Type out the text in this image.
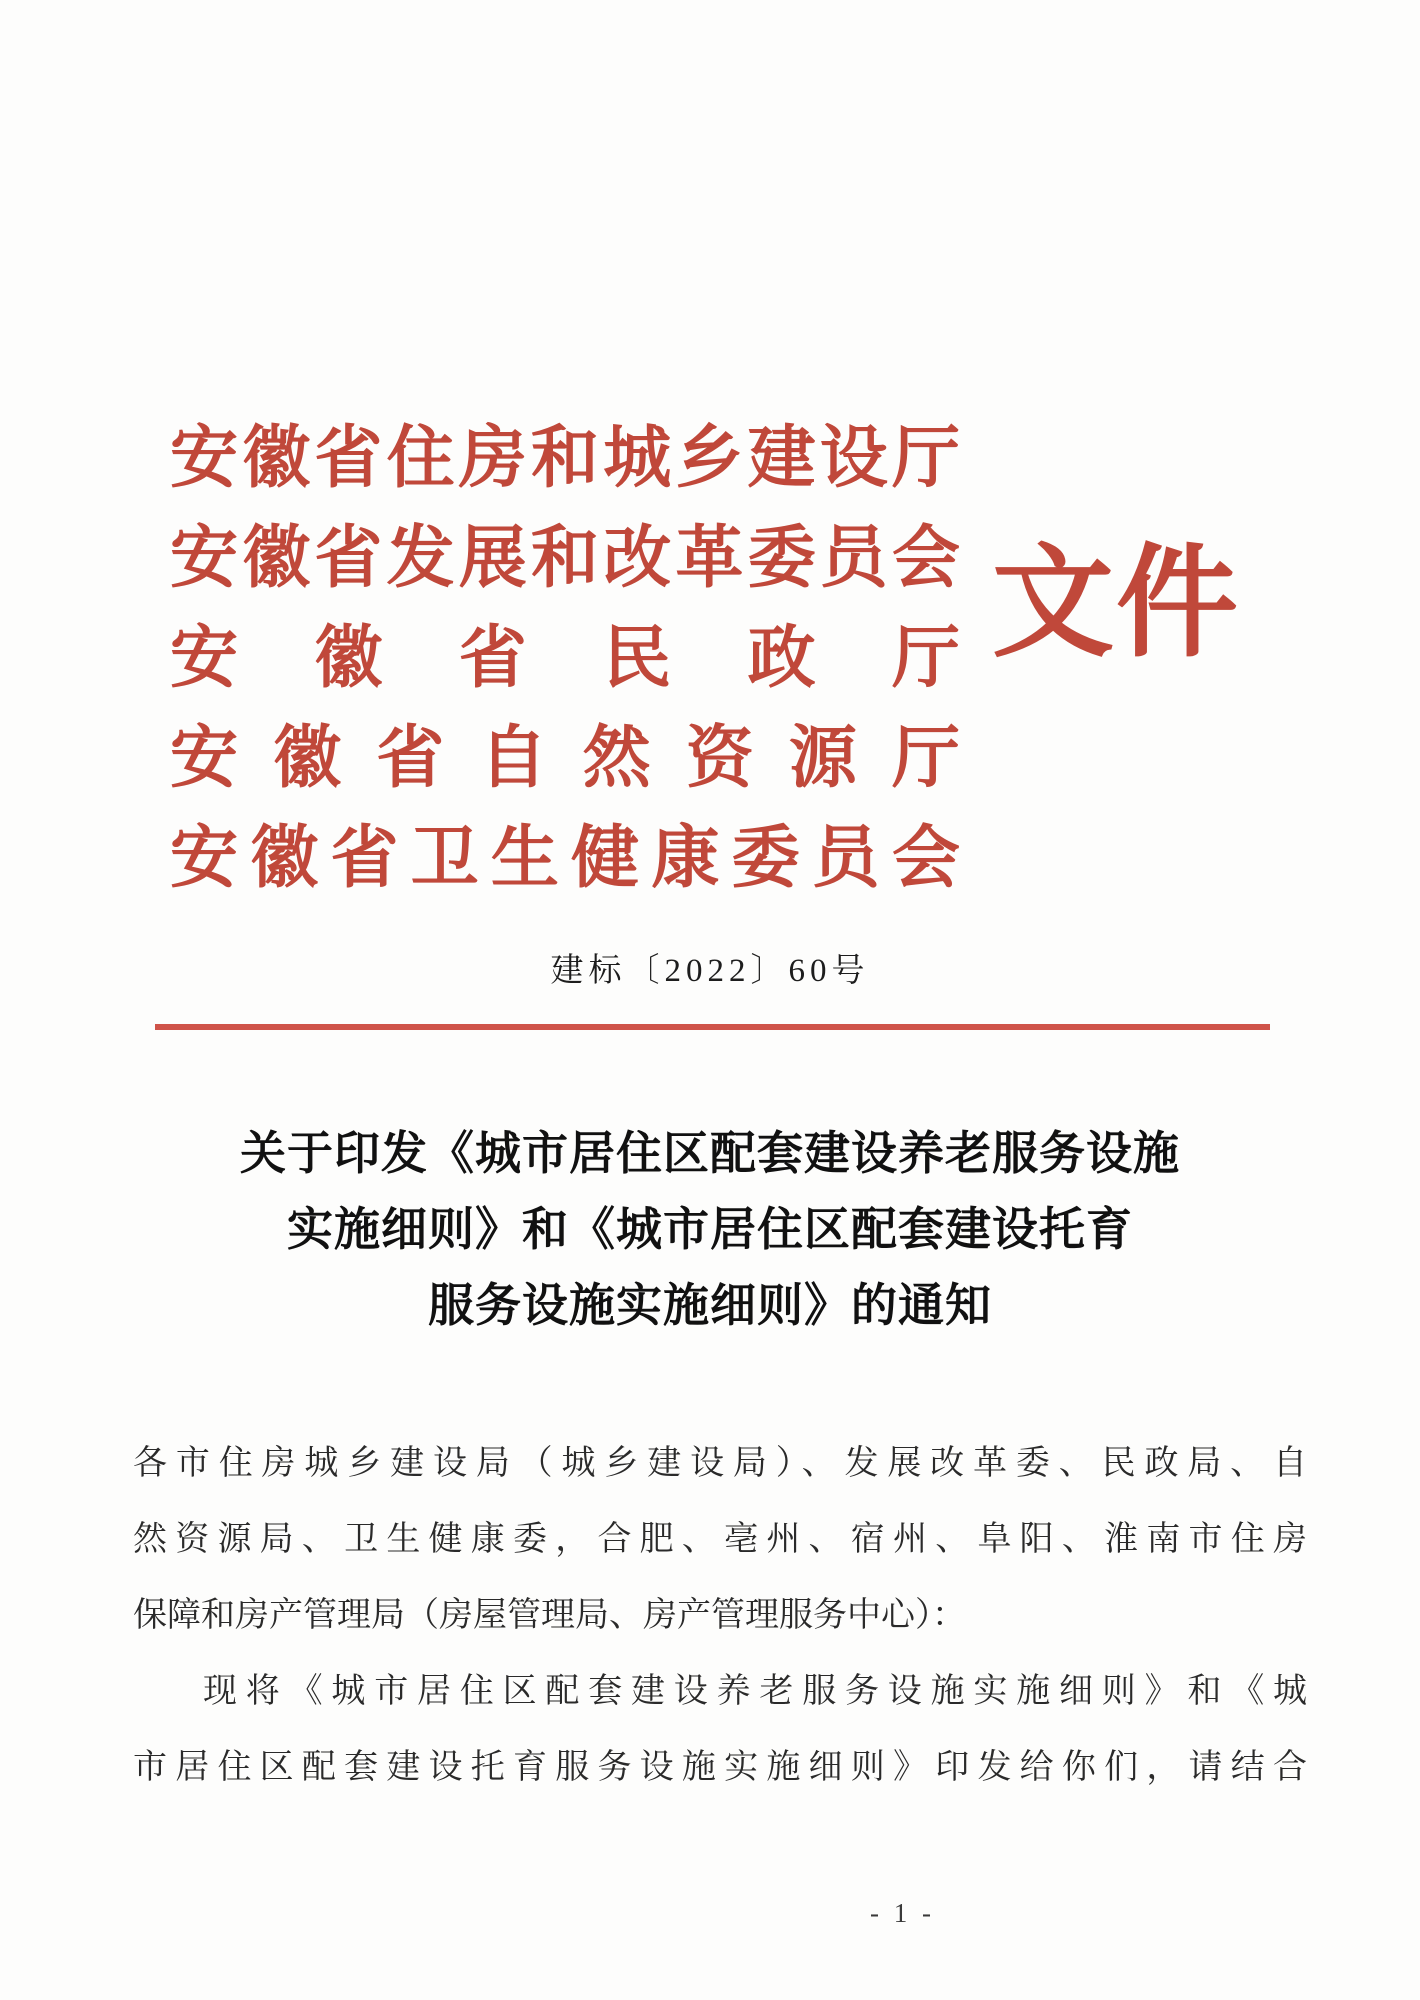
安徽省住房和城乡建设厅
安徽省发展和改革委员会
安徽省民政厅
安徽省自然资源厅
安徽省卫生健康委员会
文件
建标〔2022〕60号
关于印发《城市居住区配套建设养老服务设施
实施细则》和《城市居住区配套建设托育
服务设施实施细则》的通知
各市住房城乡建设局（城乡建设局）、发展改革委、民政局、自
然资源局、卫生健康委，合肥、亳州、宿州、阜阳、淮南市住房
保障和房产管理局（房屋管理局、房产管理服务中心）：
现将《城市居住区配套建设养老服务设施实施细则》和《城
市居住区配套建设托育服务设施实施细则》印发给你们，请结合
- 1 -
